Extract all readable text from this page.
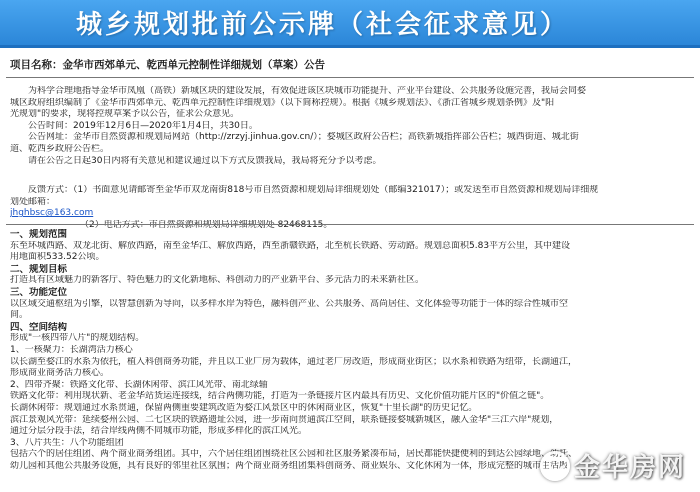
城乡规划批前公示牌（社会征求意见）
项目名称：金华市西郊单元、乾西单元控制性详细规划（草案）公告

为科学合理地指导金华市凤凰（高铁）新城区块的建设发展，有效促进该区块城市功能提升、产业平台建设、公共服务设施完善，我局会同婺

城区政府组织编制了《金华市西郊单元、乾西单元控制性详细规划》（以下简称控规）。根据《城乡规划法》、《浙江省城乡规划条例》及"阳

光规划"的要求，现将控规草案予以公告，征求公众意见。

公告时间：2019年12月6日—2020年1月4日，共30日。

公告网址：金华市自然资源和规划局网站（http://zrzyj.jinhua.gov.cn/）；婺城区政府公告栏；高铁新城指挥部公告栏；城西街道、城北街

道、乾西乡政府公告栏。

请在公告之日起30日内将有关意见和建议通过以下方式反馈我局，我局将充分予以考虑。

反馈方式：（1）书面意见请邮寄至金华市双龙南街818号市自然资源和规划局详细规划处（邮编321017）；或发送至市自然资源和规划局详细规

划处邮箱：

jhghbsc@163.com

一、规划范围

东至环城西路、双龙北街、解放西路，南至金华江、解放西路，西至浙赣铁路，北至杭长铁路、劳动路。规划总面积5.83平方公里，其中建设

用地面积533.52公顷。

二、规划目标

打造具有区域魅力的新客厅、特色魅力的文化新地标、科创动力的产业新平台、多元活力的未来新社区。

三、功能定位

以区域交通枢纽为引擎，以智慧创新为导向，以多样水岸为特色，融科创产业、公共服务、高尚居住、文化体验等功能于一体的综合性城市空

间。

四、空间结构

形成"一核四带八片"的规划结构。

1、一核聚力：长湖湾活力核心

以长湖至婺江的水系为依托，植入科创商务功能，并且以工业厂房为载体，通过老厂房改造，形成商业街区；以水系和铁路为纽带，长湖通江，

形成商业商务活力核心。

2、四带齐聚：铁路文化带、长湖休闲带、滨江风光带、南北绿轴

铁路文化带：利用现状新、老金华站货运连接线，结合两侧功能，打造为一条链接片区内最具有历史、文化价值功能片区的"价值之链"。

长湖休闲带：规划通过水系贯通，保留两侧重要建筑改造为婺江风景区中的休闲商业区，恢复"十里长湖"的历史记忆。

滨江景观风光带：延续婺州公园、二七区块的铁路遗址公园，进一步南向贯通滨江空间，联系链接婺城新城区，融入金华"三江六岸"规划，

通过分层分段手法，结合岸线两侧不同城市功能，形成多样化的滨江风光。

3、八片共生：八个功能组团

包括六个的居住组团、两个商业商务组团。其中，六个居住组团围绕社区公园和社区服务紧凑布局，居民都能快捷便利的到达公园绿地、幼托、

幼儿园和其他公共服务设施，具有良好的邻里社区氛围；两个商业商务组团集科创商务、商业娱乐、文化休闲为一体，形成完整的城市生活服 金华房网
